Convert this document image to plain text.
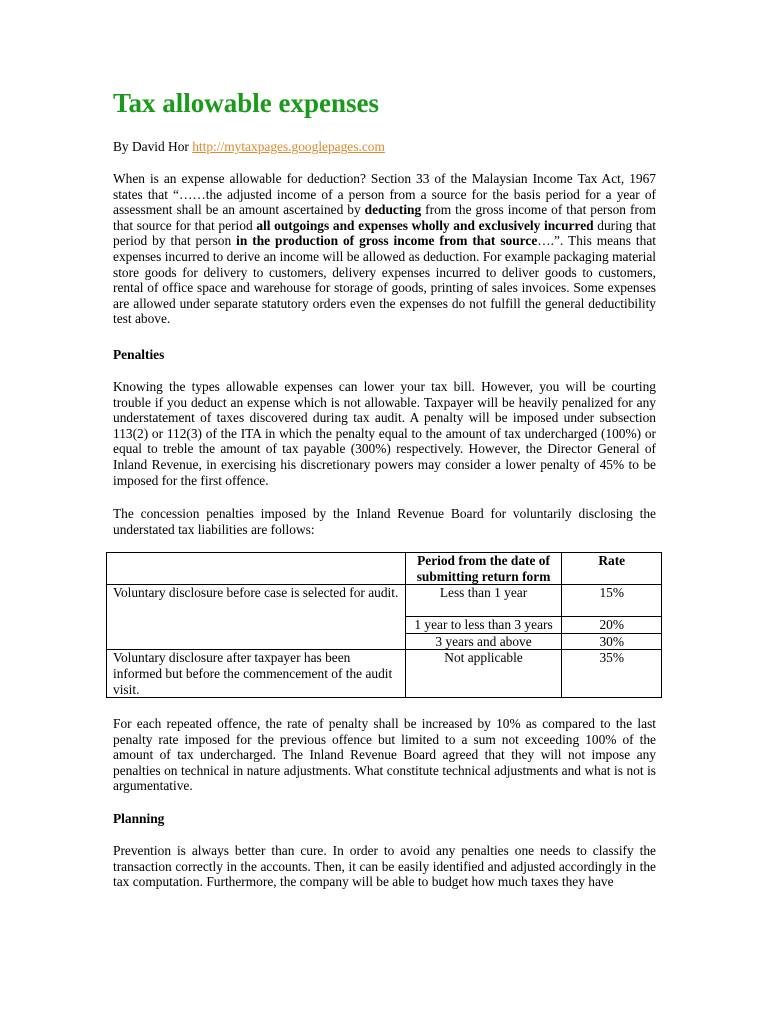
Tax allowable expenses
By David Hor http://mytaxpages.googlepages.com

When is an expense allowable for deduction? Section 33 of the Malaysian Income Tax Act, 1967 states that “……the adjusted income of a person from a source for the basis period for a year of assessment shall be an amount ascertained by deducting from the gross income of that person from that source for that period all outgoings and expenses wholly and exclusively incurred during that period by that person in the production of gross income from that source….”. This means that expenses incurred to derive an income will be allowed as deduction. For example packaging material store goods for delivery to customers, delivery expenses incurred to deliver goods to customers, rental of office space and warehouse for storage of goods, printing of sales invoices. Some expenses are allowed under separate statutory orders even the expenses do not fulfill the general deductibility test above.

Penalties
Knowing the types allowable expenses can lower your tax bill. However, you will be courting trouble if you deduct an expense which is not allowable. Taxpayer will be heavily penalized for any understatement of taxes discovered during tax audit. A penalty will be imposed under subsection 113(2) or 112(3) of the ITA in which the penalty equal to the amount of tax undercharged (100%) or equal to treble the amount of tax payable (300%) respectively. However, the Director General of Inland Revenue, in exercising his discretionary powers may consider a lower penalty of 45% to be imposed for the first offence.
The concession penalties imposed by the Inland Revenue Board for voluntarily disclosing the understated tax liabilities are follows:
	Period from the date of submitting return form	Rate
Voluntary disclosure before case is selected for audit.	Less than 1 year	15%
	1 year to less than 3 years	20%
	3 years and above	30%
Voluntary disclosure after taxpayer has been informed but before the commencement of the audit visit.	Not applicable	35%
For each repeated offence, the rate of penalty shall be increased by 10% as compared to the last penalty rate imposed for the previous offence but limited to a sum not exceeding 100% of the amount of tax undercharged. The Inland Revenue Board agreed that they will not impose any penalties on technical in nature adjustments. What constitute technical adjustments and what is not is argumentative.
Planning
Prevention is always better than cure. In order to avoid any penalties one needs to classify the transaction correctly in the accounts. Then, it can be easily identified and adjusted accordingly in the tax computation. Furthermore, the company will be able to budget how much taxes they have
